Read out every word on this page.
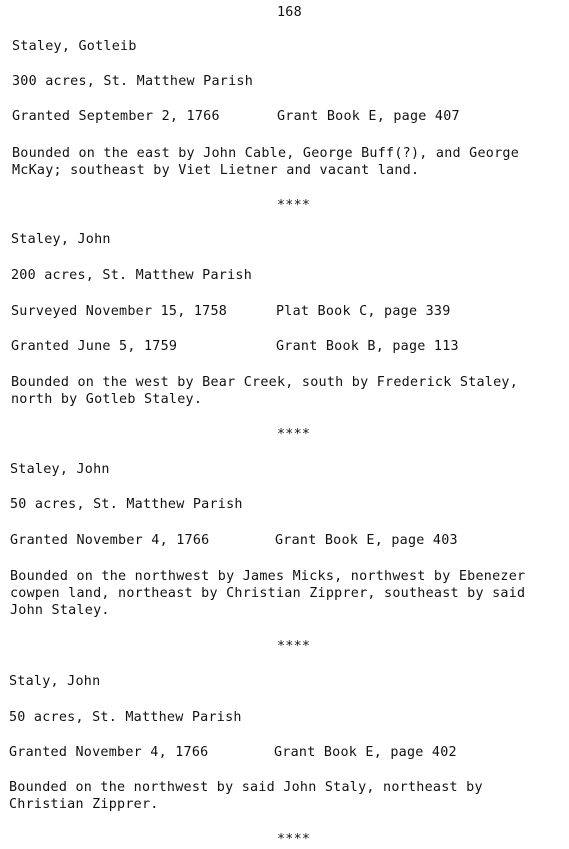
168
Staley, Gotleib
300 acres, St. Matthew Parish
Granted September 2, 1766	Grant Book E, page 407
Bounded on the east by John Cable, George Buff(?), and George
McKay; southeast by Viet Lietner and vacant land.
****
Staley, John
200 acres, St. Matthew Parish
Surveyed November 15, 1758	Plat Book C, page 339
Granted June 5, 1759	Grant Book B, page 113
Bounded on the west by Bear Creek, south by Frederick Staley,
north by Gotleb Staley.
****
Staley, John
50 acres, St. Matthew Parish
Granted November 4, 1766	Grant Book E, page 403
Bounded on the northwest by James Micks, northwest by Ebenezer
cowpen land, northeast by Christian Zipprer, southeast by said
John Staley.
****
Staly, John
50 acres, St. Matthew Parish
Granted November 4, 1766	Grant Book E, page 402
Bounded on the northwest by said John Staly, northeast by
Christian Zipprer.
****
